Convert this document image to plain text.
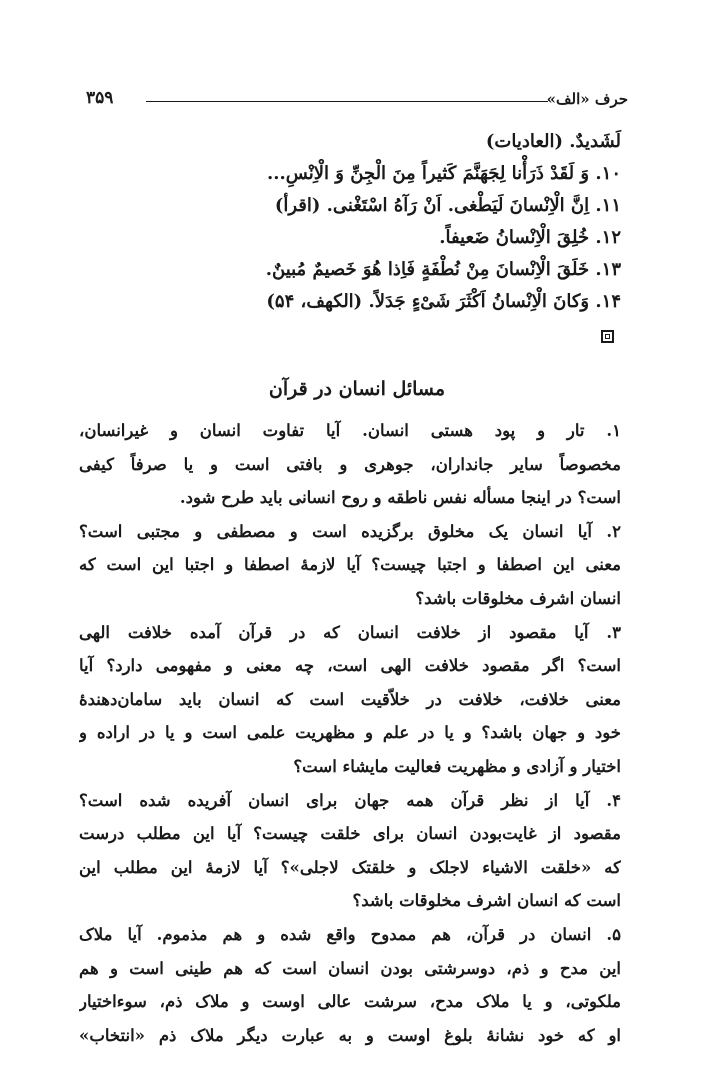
حرف «الف»
۳۵۹
لَشَدیدٌ. (العادیات)
۱۰. وَ لَقَدْ ذَرَأْنا لِجَهَنَّمَ کَثیراً مِنَ الْجِنِّ وَ الْاِنْسِ...
۱۱. اِنَّ الْاِنْسانَ لَیَطْغی. اَنْ رَآهُ اسْتَغْنی. (اقرأ)
۱۲. خُلِقَ الْاِنْسانُ ضَعیفاً.
۱۳. خَلَقَ الْاِنْسانَ مِنْ نُطْفَةٍ فَاِذا هُوَ خَصیمٌ مُبینٌ.
۱۴. وَکانَ الْاِنْسانُ اَکْثَرَ شَیْءٍ جَدَلاً. (الکهف، ۵۴)
مسائل انسان در قرآن
۱. تار و پود هستی انسان. آیا تفاوت انسان و غیرانسان،
مخصوصاً سایر جانداران، جوهری و بافتی است و یا صرفاً کیفی
است؟ در اینجا مسأله نفس ناطقه و روح انسانی باید طرح شود.
۲. آیا انسان یک مخلوق برگزیده است و مصطفی و مجتبی است؟
معنی این اصطفا و اجتبا چیست؟ آیا لازمهٔ اصطفا و اجتبا این است که
انسان اشرف مخلوقات باشد؟
۳. آیا مقصود از خلافت انسان که در قرآن آمده خلافت الهی
است؟ اگر مقصود خلافت الهی است، چه معنی و مفهومی دارد؟ آیا
معنی خلافت، خلافت در خلاّقیت است که انسان باید سامان‌دهندهٔ
خود و جهان باشد؟ و یا در علم و مظهریت علمی است و یا در اراده و
اختیار و آزادی و مظهریت فعالیت مایشاء است؟
۴. آیا از نظر قرآن همه جهان برای انسان آفریده شده است؟
مقصود از غایت‌بودن انسان برای خلقت چیست؟ آیا این مطلب درست
که «خلقت الاشیاء لاجلک و خلقتک لاجلی»؟ آیا لازمهٔ این مطلب این
است که انسان اشرف مخلوقات باشد؟
۵. انسان در قرآن، هم ممدوح واقع شده و هم مذموم. آیا ملاک
این مدح و ذم، دوسرشتی بودن انسان است که هم طینی است و هم
ملکوتی، و یا ملاک مدح، سرشت عالی اوست و ملاک ذم، سوءاختیار
او که خود نشانهٔ بلوغ اوست و به عبارت دیگر ملاک ذم «انتخاب»
